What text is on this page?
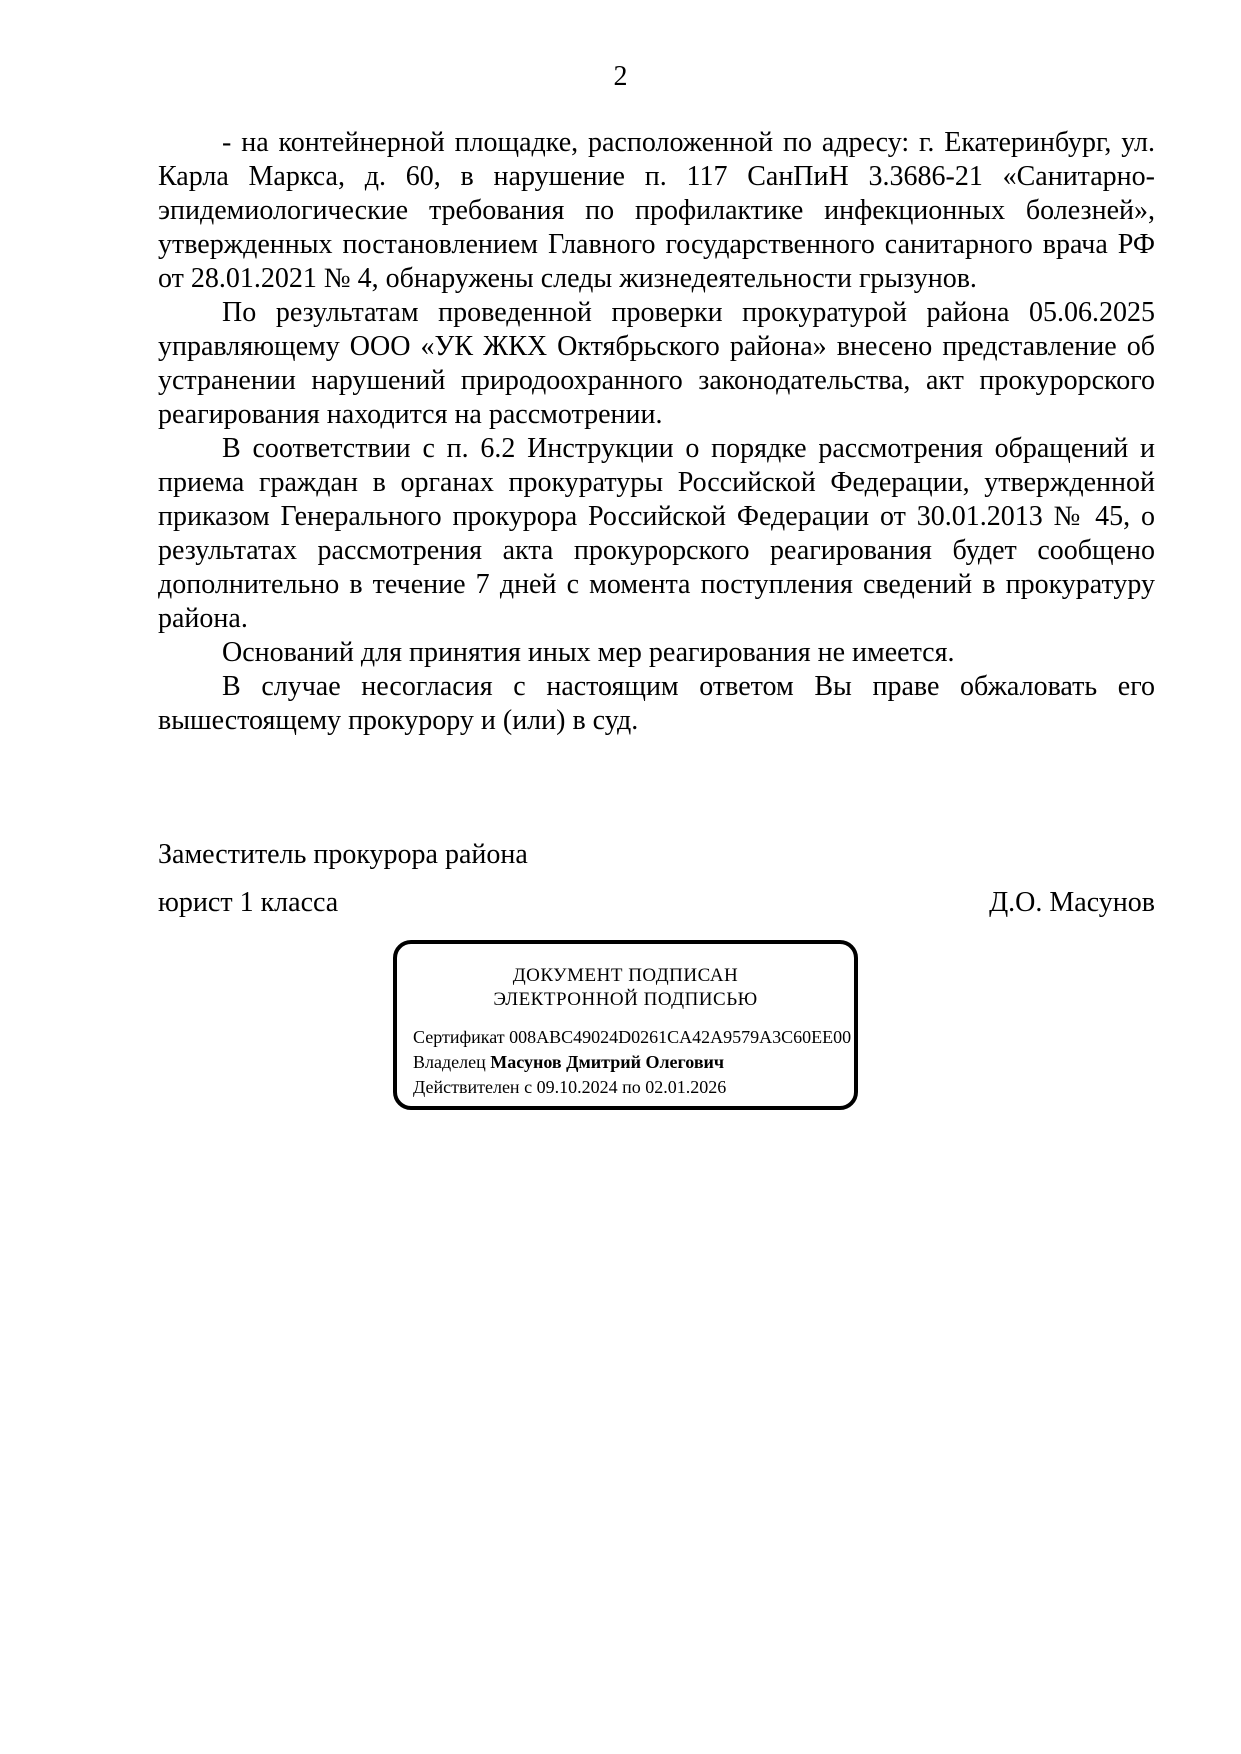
2

- на контейнерной площадке, расположенной по адресу: г. Екатеринбург, ул. Карла Маркса, д. 60, в нарушение п. 117 СанПиН 3.3686-21 «Санитарно-эпидемиологические требования по профилактике инфекционных болезней», утвержденных постановлением Главного государственного санитарного врача РФ от 28.01.2021 № 4, обнаружены следы жизнедеятельности грызунов.

По результатам проведенной проверки прокуратурой района 05.06.2025 управляющему ООО «УК ЖКХ Октябрьского района» внесено представление об устранении нарушений природоохранного законодательства, акт прокурорского реагирования находится на рассмотрении.

В соответствии с п. 6.2 Инструкции о порядке рассмотрения обращений и приема граждан в органах прокуратуры Российской Федерации, утвержденной приказом Генерального прокурора Российской Федерации от 30.01.2013 № 45, о результатах рассмотрения акта прокурорского реагирования будет сообщено дополнительно в течение 7 дней с момента поступления сведений в прокуратуру района.

Оснований для принятия иных мер реагирования не имеется.

В случае несогласия с настоящим ответом Вы праве обжаловать его вышестоящему прокурору и (или) в суд.

Заместитель прокурора района
юрист 1 класса	Д.О. Масунов
ДОКУМЕНТ ПОДПИСАН
ЭЛЕКТРОННОЙ ПОДПИСЬЮ
Сертификат 008ABC49024D0261CA42A9579A3C60EE00
Владелец Масунов Дмитрий Олегович
Действителен с 09.10.2024 по 02.01.2026
